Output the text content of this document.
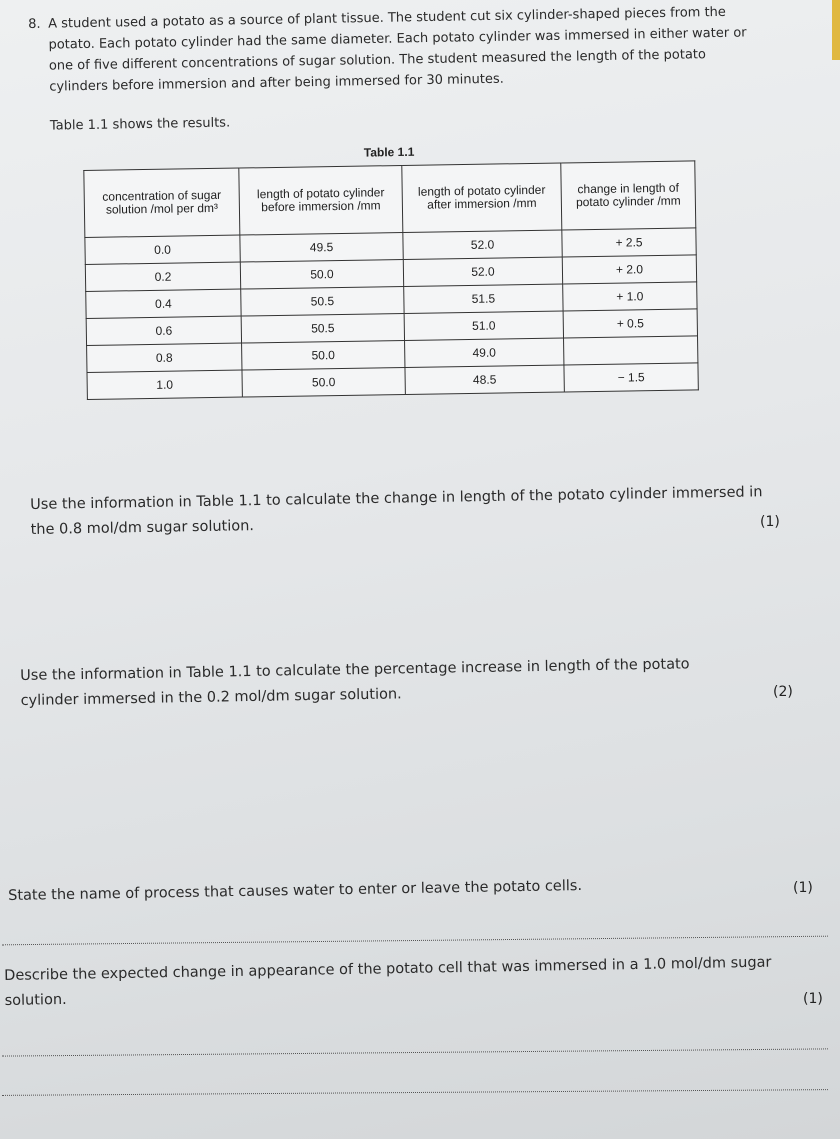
8. A student used a potato as a source of plant tissue. The student cut six cylinder-shaped pieces from the potato. Each potato cylinder had the same diameter. Each potato cylinder was immersed in either water or one of five different concentrations of sugar solution. The student measured the length of the potato cylinders before immersion and after being immersed for 30 minutes.
Table 1.1 shows the results.
Table 1.1
concentration of sugar solution /mol per dm³	length of potato cylinder before immersion /mm	length of potato cylinder after immersion /mm	change in length of potato cylinder /mm
0.0	49.5	52.0	+ 2.5
0.2	50.0	52.0	+ 2.0
0.4	50.5	51.5	+ 1.0
0.6	50.5	51.0	+ 0.5
0.8	50.0	49.0	
1.0	50.0	48.5	− 1.5
Use the information in Table 1.1 to calculate the change in length of the potato cylinder immersed in the 0.8 mol/dm sugar solution.	(1)
Use the information in Table 1.1 to calculate the percentage increase in length of the potato cylinder immersed in the 0.2 mol/dm sugar solution.	(2)
State the name of process that causes water to enter or leave the potato cells.	(1)
Describe the expected change in appearance of the potato cell that was immersed in a 1.0 mol/dm sugar solution.	(1)
